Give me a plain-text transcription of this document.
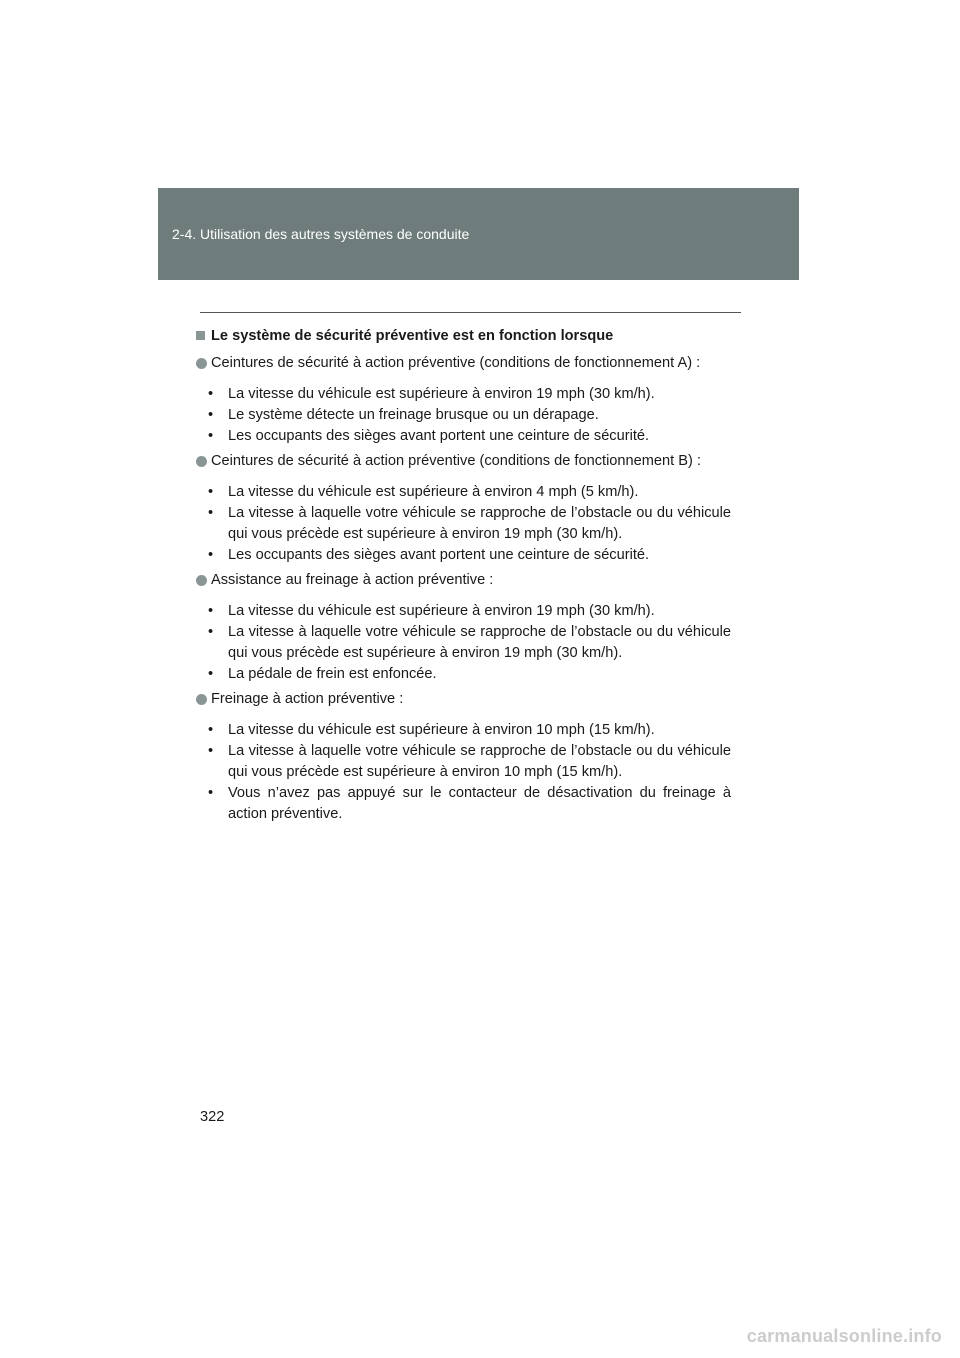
2-4. Utilisation des autres systèmes de conduite
Le système de sécurité préventive est en fonction lorsque
Ceintures de sécurité à action préventive (conditions de fonctionnement A) :
•	La vitesse du véhicule est supérieure à environ 19 mph (30 km/h).
•	Le système détecte un freinage brusque ou un dérapage.
•	Les occupants des sièges avant portent une ceinture de sécurité.
Ceintures de sécurité à action préventive (conditions de fonctionnement B) :
•	La vitesse du véhicule est supérieure à environ 4 mph (5 km/h).
•	La vitesse à laquelle votre véhicule se rapproche de l’obstacle ou du véhicule qui vous précède est supérieure à environ 19 mph (30 km/h).
•	Les occupants des sièges avant portent une ceinture de sécurité.
Assistance au freinage à action préventive :
•	La vitesse du véhicule est supérieure à environ 19 mph (30 km/h).
•	La vitesse à laquelle votre véhicule se rapproche de l’obstacle ou du véhicule qui vous précède est supérieure à environ 19 mph (30 km/h).
•	La pédale de frein est enfoncée.
Freinage à action préventive :
•	La vitesse du véhicule est supérieure à environ 10 mph (15 km/h).
•	La vitesse à laquelle votre véhicule se rapproche de l’obstacle ou du véhicule qui vous précède est supérieure à environ 10 mph (15 km/h).
•	Vous n’avez pas appuyé sur le contacteur de désactivation du freinage à action préventive.
322
carmanualsonline.info
